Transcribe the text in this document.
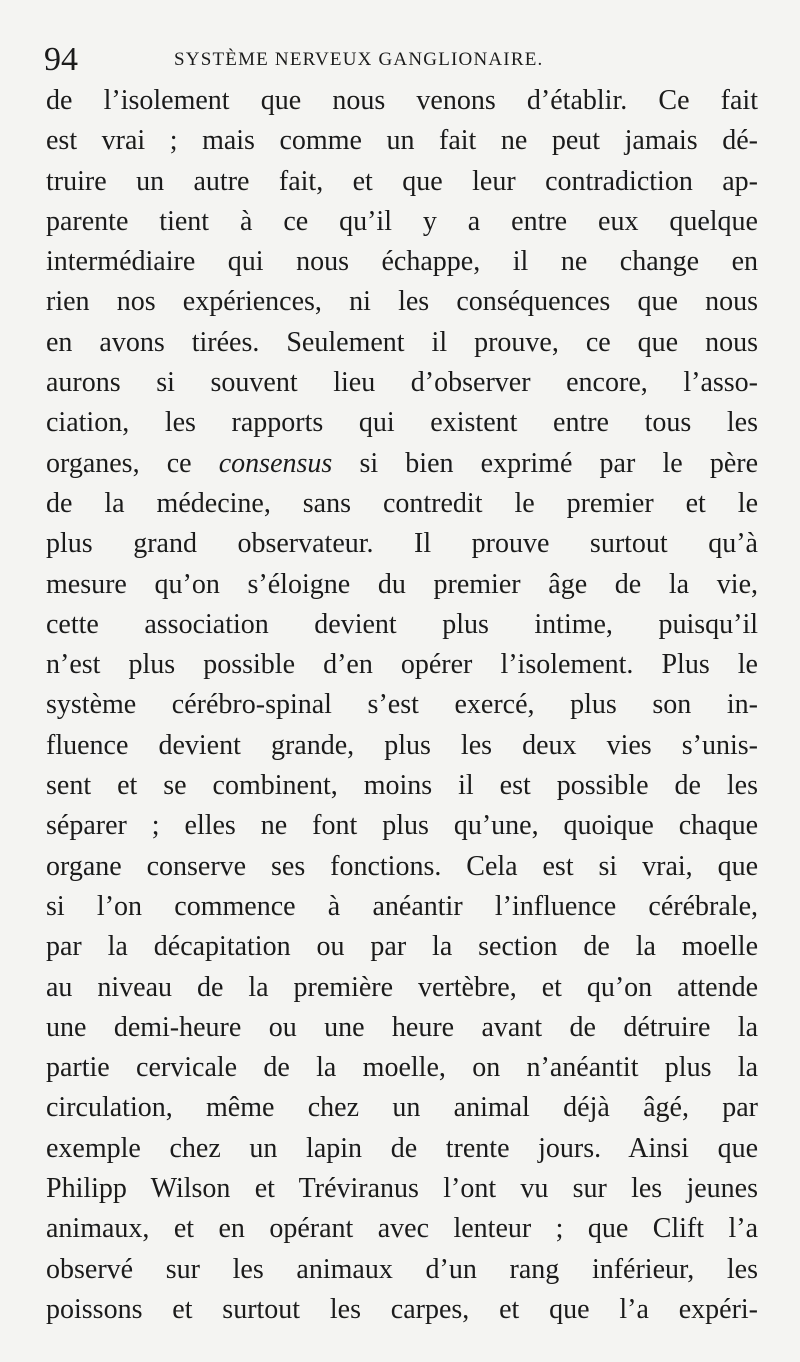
94	SYSTÈME NERVEUX GANGLIONAIRE.
de l’isolement que nous venons d’établir. Ce fait
est vrai ; mais comme un fait ne peut jamais dé-
truire un autre fait, et que leur contradiction ap-
parente tient à ce qu’il y a entre eux quelque
intermédiaire qui nous échappe, il ne change en
rien nos expériences, ni les conséquences que nous
en avons tirées. Seulement il prouve, ce que nous
aurons si souvent lieu d’observer encore, l’asso-
ciation, les rapports qui existent entre tous les
organes, ce consensus si bien exprimé par le père
de la médecine, sans contredit le premier et le
plus grand observateur. Il prouve surtout qu’à
mesure qu’on s’éloigne du premier âge de la vie,
cette association devient plus intime, puisqu’il
n’est plus possible d’en opérer l’isolement. Plus le
système cérébro-spinal s’est exercé, plus son in-
fluence devient grande, plus les deux vies s’unis-
sent et se combinent, moins il est possible de les
séparer ; elles ne font plus qu’une, quoique chaque
organe conserve ses fonctions. Cela est si vrai, que
si l’on commence à anéantir l’influence cérébrale,
par la décapitation ou par la section de la moelle
au niveau de la première vertèbre, et qu’on attende
une demi-heure ou une heure avant de détruire la
partie cervicale de la moelle, on n’anéantit plus la
circulation, même chez un animal déjà âgé, par
exemple chez un lapin de trente jours. Ainsi que
Philipp Wilson et Tréviranus l’ont vu sur les jeunes
animaux, et en opérant avec lenteur ; que Clift l’a
observé sur les animaux d’un rang inférieur, les
poissons et surtout les carpes, et que l’a expéri-
